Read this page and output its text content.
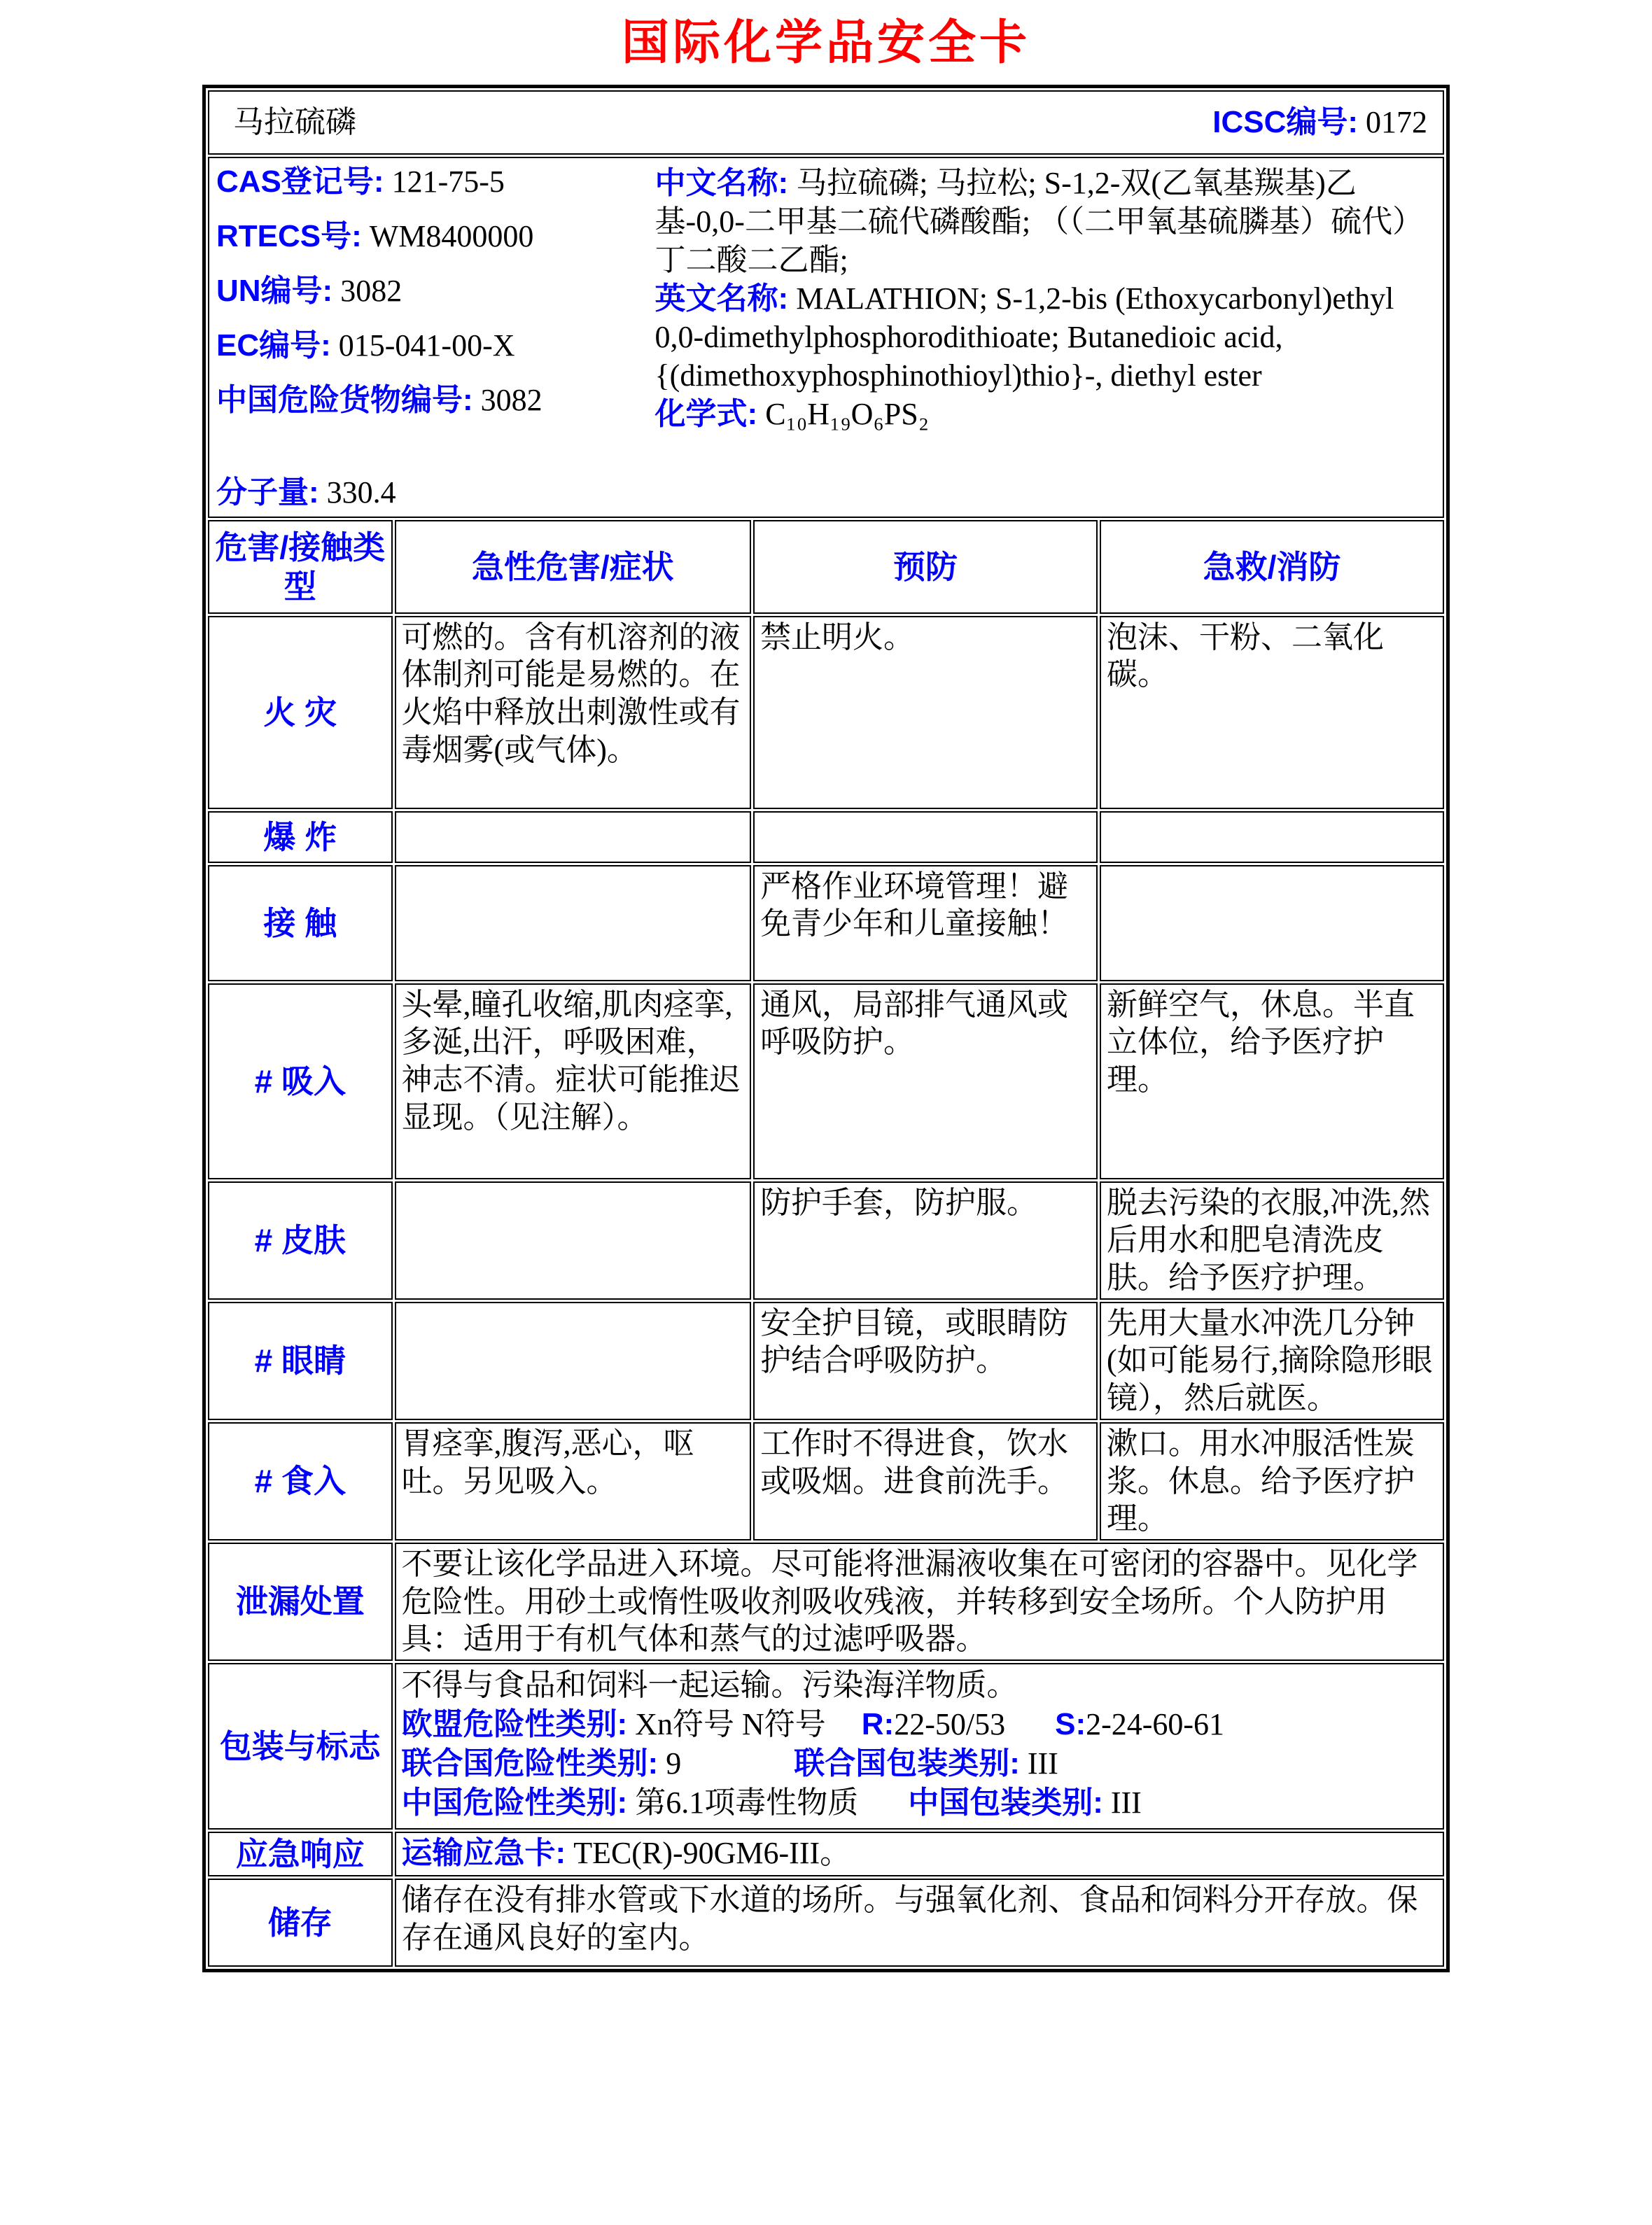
国际化学品安全卡
马拉硫磷 ICSC编号: 0172			

CAS登记号: 121-75-5
RTECS号: WM8400000
UN编号: 3082
EC编号: 015-041-00-X
中国危险货物编号: 3082
分子量: 330.4

中文名称: 马拉硫磷; 马拉松; S-1,2-双(乙氧基羰基)乙基-0,0-二甲基二硫代磷酸酯; （（二甲氧基硫膦基）硫代）丁二酸二乙酯;

英文名称: MALATHION; S-1,2-bis (Ethoxycarbonyl)ethyl 0,0-dimethylphosphorodithioate; Butanedioic acid, {(dimethoxyphosphinothioyl)thio}-, diethyl ester

化学式: C₁₀H₁₉O₆PS₂

危害/接触类型	急性危害/症状	预防	急救/消防
火 灾	可燃的。含有机溶剂的液体制剂可能是易燃的。在火焰中释放出刺激性或有毒烟雾(或气体)。	禁止明火。	泡沫、干粉、二氧化碳。
爆 炸			
接 触		严格作业环境管理！避免青少年和儿童接触！	
# 吸入	头晕,瞳孔收缩,肌肉痉挛,多涎,出汗，呼吸困难，神志不清。症状可能推迟显现。（见注解）。	通风，局部排气通风或呼吸防护。	新鲜空气，休息。半直立体位，给予医疗护理。
# 皮肤		防护手套，防护服。	脱去污染的衣服,冲洗,然后用水和肥皂清洗皮肤。给予医疗护理。
# 眼睛		安全护目镜，或眼睛防护结合呼吸防护。	先用大量水冲洗几分钟(如可能易行,摘除隐形眼镜），然后就医。
# 食入	胃痉挛,腹泻,恶心，呕吐。另见吸入。	工作时不得进食，饮水或吸烟。进食前洗手。	漱口。用水冲服活性炭浆。休息。给予医疗护理。
泄漏处置	不要让该化学品进入环境。尽可能将泄漏液收集在可密闭的容器中。见化学危险性。用砂土或惰性吸收剂吸收残液，并转移到安全场所。个人防护用具：适用于有机气体和蒸气的过滤呼吸器。		
包装与标志	不得与食品和饲料一起运输。污染海洋物质。
欧盟危险性类别: Xn符号 N符号 R:22-50/53 S:2-24-60-61
联合国危险性类别: 9 联合国包装类别: III
中国危险性类别: 第6.1项毒性物质 中国包装类别: III		

应急响应	运输应急卡: TEC(R)-90GM6-III。		
储存	储存在没有排水管或下水道的场所。与强氧化剂、食品和饲料分开存放。保存在通风良好的室内。		
